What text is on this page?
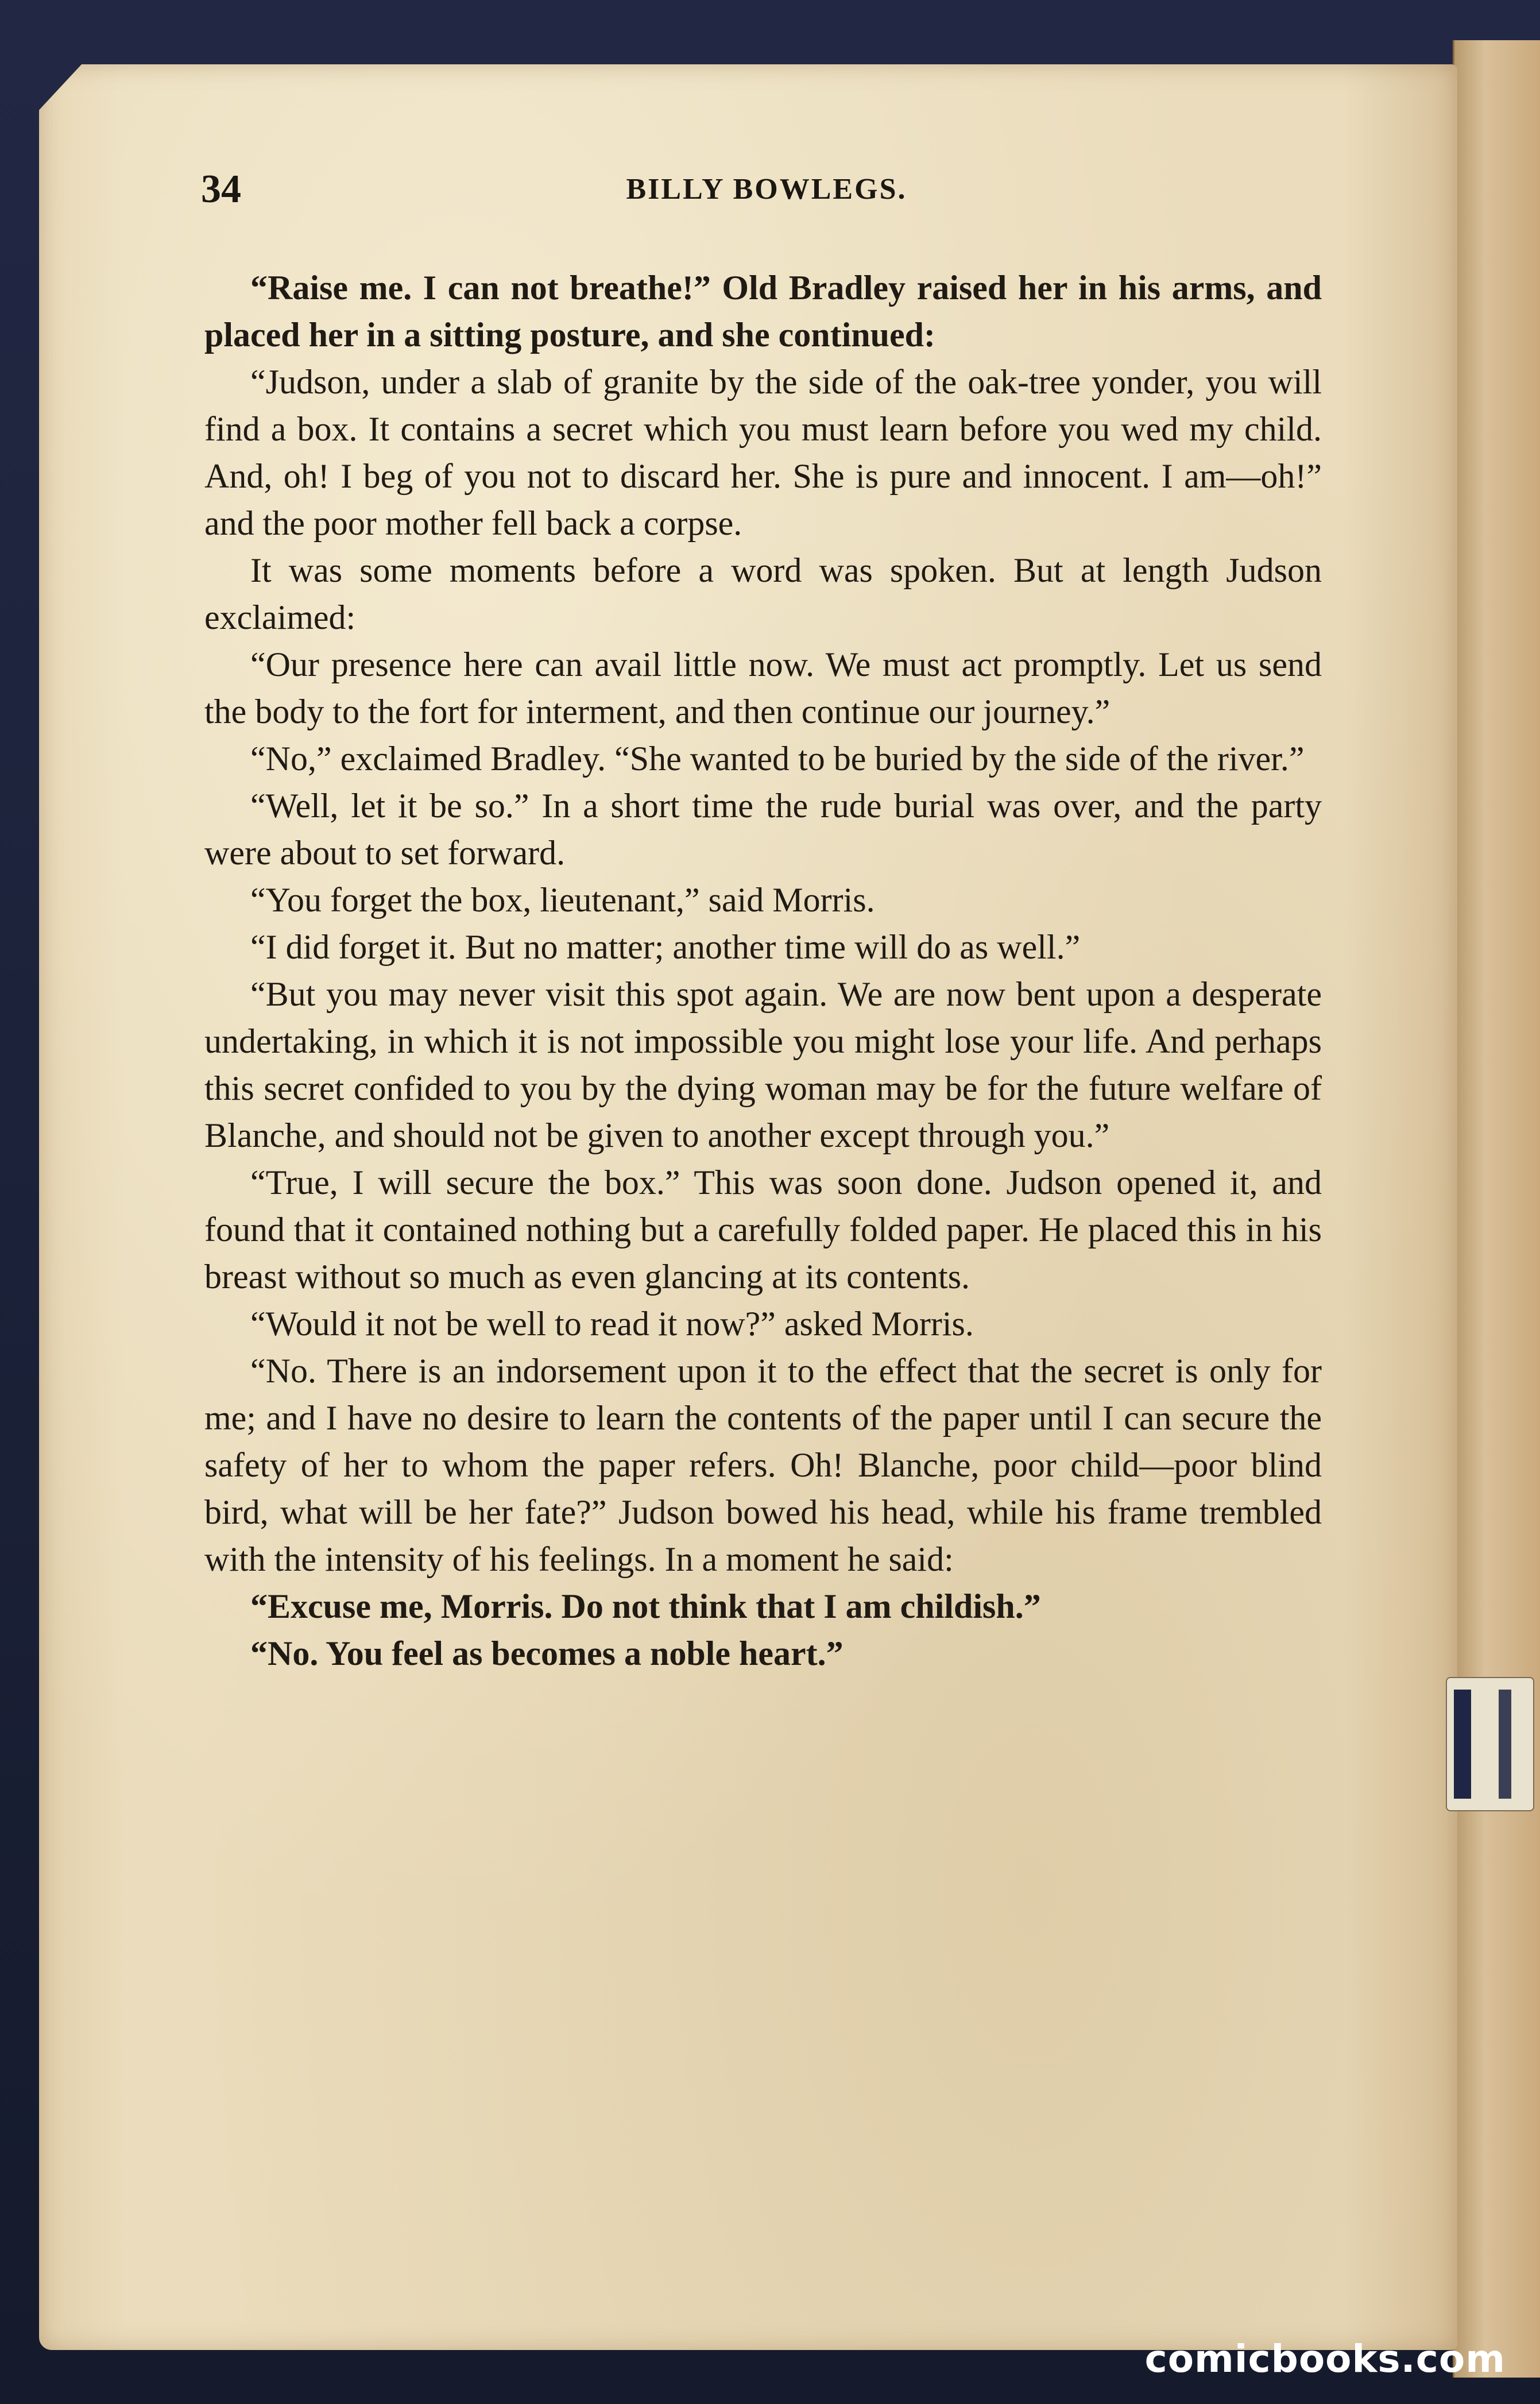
34	BILLY BOWLEGS.

“Raise me. I can not breathe!” Old Bradley raised her in his arms, and placed her in a sitting posture, and she continued:

“Judson, under a slab of granite by the side of the oak-tree yonder, you will find a box. It contains a secret which you must learn before you wed my child. And, oh! I beg of you not to discard her. She is pure and innocent. I am—oh!” and the poor mother fell back a corpse.

It was some moments before a word was spoken. But at length Judson exclaimed:

“Our presence here can avail little now. We must act promptly. Let us send the body to the fort for interment, and then continue our journey.”

“No,” exclaimed Bradley. “She wanted to be buried by the side of the river.”

“Well, let it be so.” In a short time the rude burial was over, and the party were about to set forward.

“You forget the box, lieutenant,” said Morris.

“I did forget it. But no matter; another time will do as well.”

“But you may never visit this spot again. We are now bent upon a desperate undertaking, in which it is not impossible you might lose your life. And perhaps this secret confided to you by the dying woman may be for the future welfare of Blanche, and should not be given to another except through you.”

“True, I will secure the box.” This was soon done. Judson opened it, and found that it contained nothing but a carefully folded paper. He placed this in his breast without so much as even glancing at its contents.

“Would it not be well to read it now?” asked Morris.

“No. There is an indorsement upon it to the effect that the secret is only for me; and I have no desire to learn the contents of the paper until I can secure the safety of her to whom the paper refers. Oh! Blanche, poor child—poor blind bird, what will be her fate?” Judson bowed his head, while his frame trembled with the intensity of his feelings. In a moment he said:

“Excuse me, Morris. Do not think that I am childish.”

“No. You feel as becomes a noble heart.”

comicbooks.com
